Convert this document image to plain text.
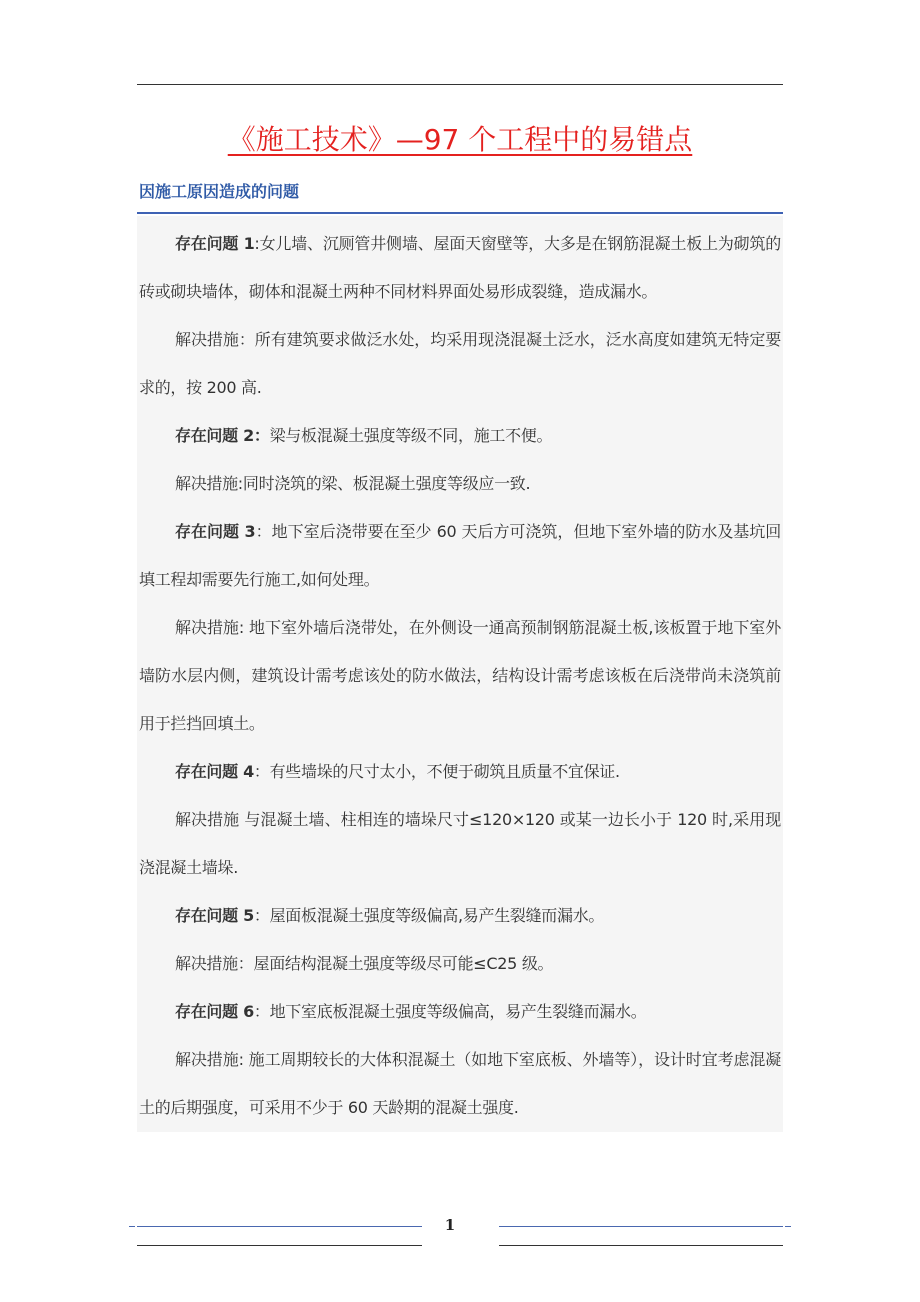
《施工技术》—97 个工程中的易错点
因施工原因造成的问题

存在问题 1:女儿墙、沉厕管井侧墙、屋面天窗壁等，大多是在钢筋混凝土板上为砌筑的砖或砌块墙体，砌体和混凝土两种不同材料界面处易形成裂缝，造成漏水。

解决措施：所有建筑要求做泛水处，均采用现浇混凝土泛水，泛水高度如建筑无特定要求的，按 200 高.

存在问题 2：梁与板混凝土强度等级不同，施工不便。

解决措施:同时浇筑的梁、板混凝土强度等级应一致.

存在问题 3：地下室后浇带要在至少 60 天后方可浇筑，但地下室外墙的防水及基坑回填工程却需要先行施工,如何处理。

解决措施: 地下室外墙后浇带处，在外侧设一通高预制钢筋混凝土板,该板置于地下室外墙防水层内侧，建筑设计需考虑该处的防水做法，结构设计需考虑该板在后浇带尚未浇筑前用于拦挡回填土。

存在问题 4：有些墙垛的尺寸太小，不便于砌筑且质量不宜保证.

解决措施 与混凝土墙、柱相连的墙垛尺寸≤120×120 或某一边长小于 120 时,采用现浇混凝土墙垛.

存在问题 5：屋面板混凝土强度等级偏高,易产生裂缝而漏水。

解决措施：屋面结构混凝土强度等级尽可能≤C25 级。

存在问题 6：地下室底板混凝土强度等级偏高，易产生裂缝而漏水。

解决措施: 施工周期较长的大体积混凝土（如地下室底板、外墙等），设计时宜考虑混凝土的后期强度，可采用不少于 60 天龄期的混凝土强度.

1
